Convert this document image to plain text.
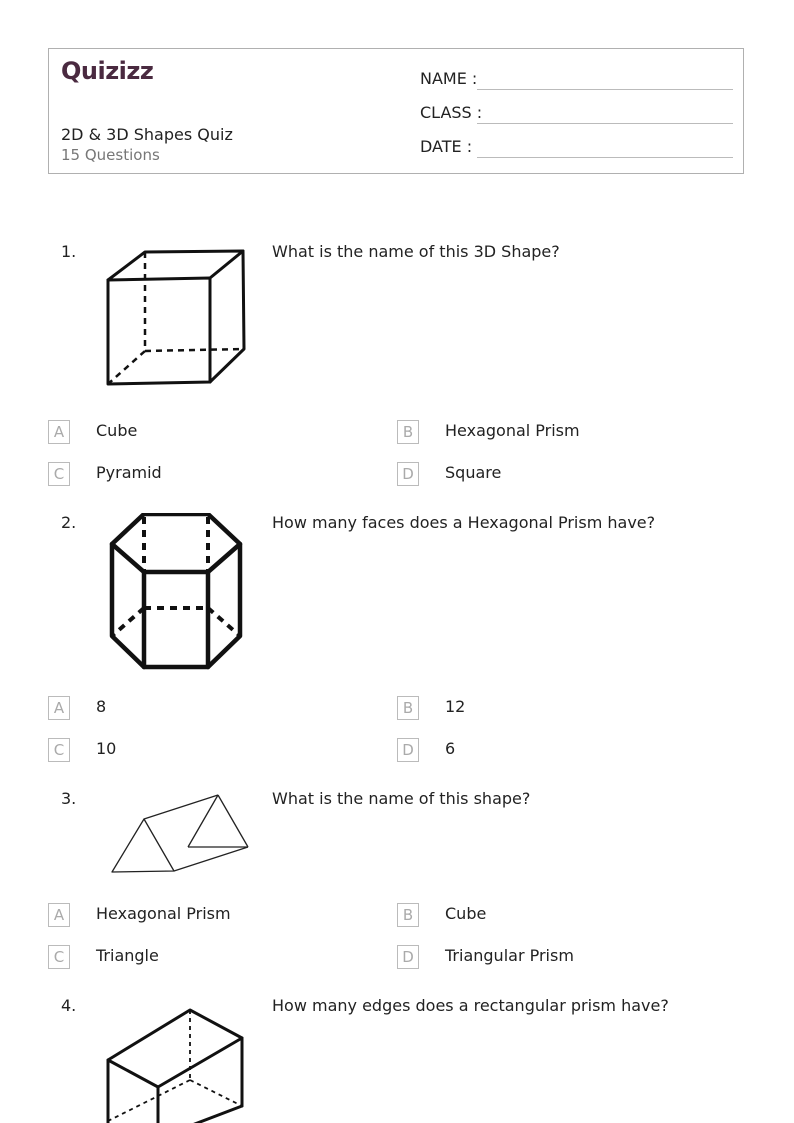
Quizizz
2D & 3D Shapes Quiz
15 Questions
NAME :
CLASS :
DATE :
1.	What is the name of this 3D Shape?
A	Cube	B	Hexagonal Prism
C	Pyramid	D	Square
2.	How many faces does a Hexagonal Prism have?
A	8	B	12
C	10	D	6
3.	What is the name of this shape?
A	Hexagonal Prism	B	Cube
C	Triangle	D	Triangular Prism
4.	How many edges does a rectangular prism have?
